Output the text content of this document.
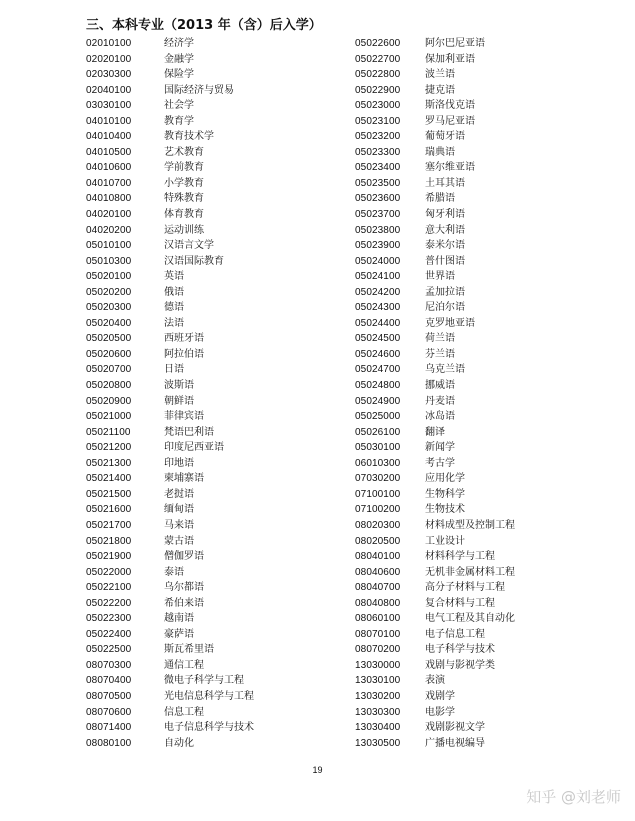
三、本科专业（2013 年（含）后入学）
02010100	经济学
02020100	金融学
02030300	保险学
02040100	国际经济与贸易
03030100	社会学
04010100	教育学
04010400	教育技术学
04010500	艺术教育
04010600	学前教育
04010700	小学教育
04010800	特殊教育
04020100	体育教育
04020200	运动训练
05010100	汉语言文学
05010300	汉语国际教育
05020100	英语
05020200	俄语
05020300	德语
05020400	法语
05020500	西班牙语
05020600	阿拉伯语
05020700	日语
05020800	波斯语
05020900	朝鲜语
05021000	菲律宾语
05021100	梵语巴利语
05021200	印度尼西亚语
05021300	印地语
05021400	柬埔寨语
05021500	老挝语
05021600	缅甸语
05021700	马来语
05021800	蒙古语
05021900	僧伽罗语
05022000	泰语
05022100	乌尔都语
05022200	希伯来语
05022300	越南语
05022400	豪萨语
05022500	斯瓦希里语
08070300	通信工程
08070400	微电子科学与工程
08070500	光电信息科学与工程
08070600	信息工程
08071400	电子信息科学与技术
08080100	自动化
05022600	阿尔巴尼亚语
05022700	保加利亚语
05022800	波兰语
05022900	捷克语
05023000	斯洛伐克语
05023100	罗马尼亚语
05023200	葡萄牙语
05023300	瑞典语
05023400	塞尔维亚语
05023500	土耳其语
05023600	希腊语
05023700	匈牙利语
05023800	意大利语
05023900	泰米尔语
05024000	普什图语
05024100	世界语
05024200	孟加拉语
05024300	尼泊尔语
05024400	克罗地亚语
05024500	荷兰语
05024600	芬兰语
05024700	乌克兰语
05024800	挪威语
05024900	丹麦语
05025000	冰岛语
05026100	翻译
05030100	新闻学
06010300	考古学
07030200	应用化学
07100100	生物科学
07100200	生物技术
08020300	材料成型及控制工程
08020500	工业设计
08040100	材料科学与工程
08040600	无机非金属材料工程
08040700	高分子材料与工程
08040800	复合材料与工程
08060100	电气工程及其自动化
08070100	电子信息工程
08070200	电子科学与技术
13030000	戏剧与影视学类
13030100	表演
13030200	戏剧学
13030300	电影学
13030400	戏剧影视文学
13030500	广播电视编导
19
知乎 @刘老师
